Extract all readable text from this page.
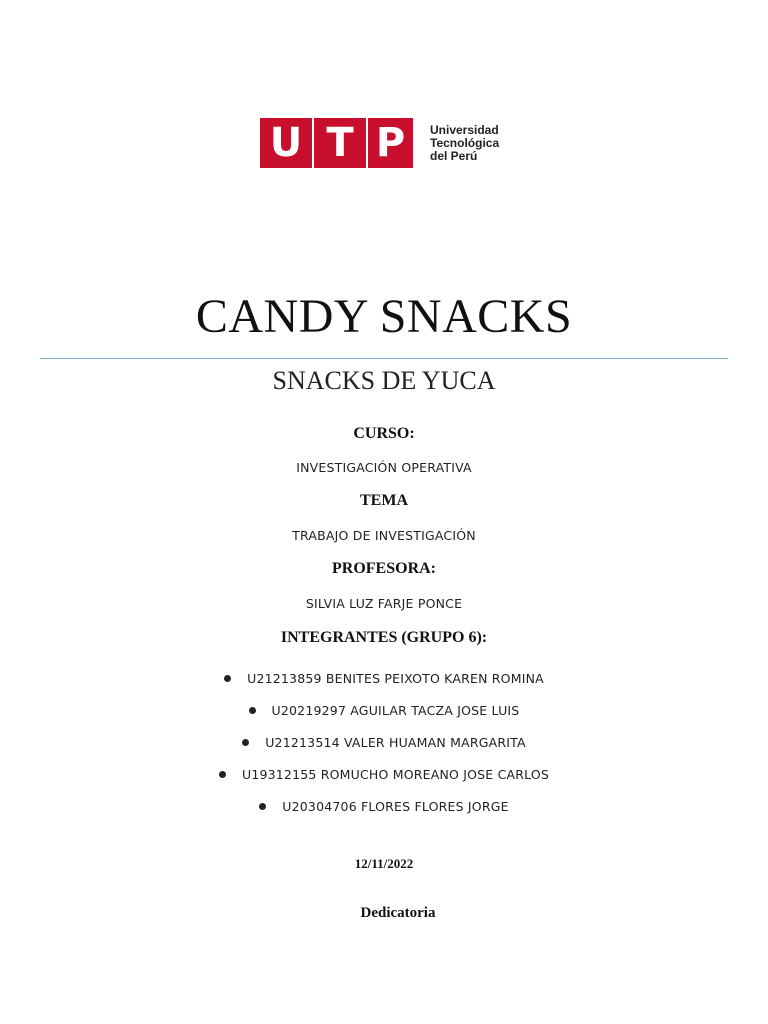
U T P	Universidad
Tecnológica
del Perú
CANDY SNACKS
SNACKS DE YUCA
CURSO:
INVESTIGACIÓN OPERATIVA
TEMA
TRABAJO DE INVESTIGACIÓN
PROFESORA:
SILVIA LUZ FARJE PONCE
INTEGRANTES (GRUPO 6):
U21213859 BENITES PEIXOTO KAREN ROMINA
U20219297 AGUILAR TACZA JOSE LUIS
U21213514 VALER HUAMAN MARGARITA
U19312155 ROMUCHO MOREANO JOSE CARLOS
U20304706 FLORES FLORES JORGE
12/11/2022
Dedicatoria
